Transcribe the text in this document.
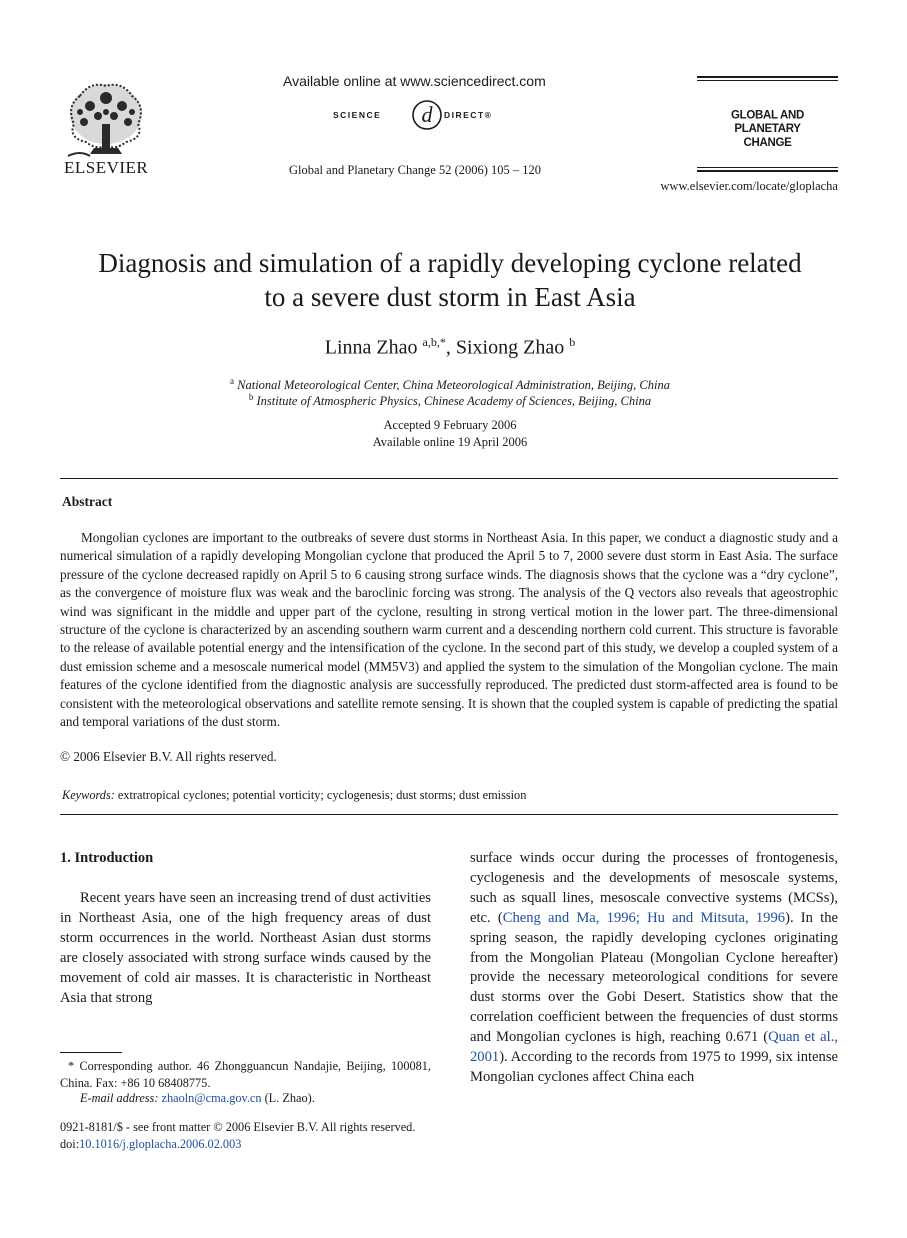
ELSEVIER
Available online at www.sciencedirect.com
SCIENCE d DIRECT®
Global and Planetary Change 52 (2006) 105 – 120
GLOBAL AND PLANETARY
CHANGE
www.elsevier.com/locate/gloplacha
Diagnosis and simulation of a rapidly developing cyclone related
to a severe dust storm in East Asia
Linna Zhao $^{a,b,*}$, Sixiong Zhao $^b$
$^a$ National Meteorological Center, China Meteorological Administration, Beijing, China
$^b$ Institute of Atmospheric Physics, Chinese Academy of Sciences, Beijing, China
Accepted 9 February 2006
Available online 19 April 2006
Abstract
Mongolian cyclones are important to the outbreaks of severe dust storms in Northeast Asia. In this paper, we conduct a diagnostic study and a numerical simulation of a rapidly developing Mongolian cyclone that produced the April 5 to 7, 2000 severe dust storm in East Asia. The surface pressure of the cyclone decreased rapidly on April 5 to 6 causing strong surface winds. The diagnosis shows that the cyclone was a “dry cyclone”, as the convergence of moisture flux was weak and the baroclinic forcing was strong. The analysis of the Q vectors also reveals that ageostrophic wind was significant in the middle and upper part of the cyclone, resulting in strong vertical motion in the lower part. The three-dimensional structure of the cyclone is characterized by an ascending southern warm current and a descending northern cold current. This structure is favorable to the release of available potential energy and the intensification of the cyclone. In the second part of this study, we develop a coupled system of a dust emission scheme and a mesoscale numerical model (MM5V3) and applied the system to the simulation of the Mongolian cyclone. The main features of the cyclone identified from the diagnostic analysis are successfully reproduced. The predicted dust storm-affected area is found to be consistent with the meteorological observations and satellite remote sensing. It is shown that the coupled system is capable of predicting the spatial and temporal variations of the dust storm.
© 2006 Elsevier B.V. All rights reserved.
Keywords: extratropical cyclones; potential vorticity; cyclogenesis; dust storms; dust emission
1. Introduction
Recent years have seen an increasing trend of dust activities in Northeast Asia, one of the high frequency areas of dust storm occurrences in the world. Northeast Asian dust storms are closely associated with strong surface winds caused by the movement of cold air masses. It is characteristic in Northeast Asia that strong
surface winds occur during the processes of frontogenesis, cyclogenesis and the developments of mesoscale systems, such as squall lines, mesoscale convective systems (MCSs), etc. (Cheng and Ma, 1996; Hu and Mitsuta, 1996). In the spring season, the rapidly developing cyclones originating from the Mongolian Plateau (Mongolian Cyclone hereafter) provide the necessary meteorological conditions for severe dust storms over the Gobi Desert. Statistics show that the correlation coefficient between the frequencies of dust storms and Mongolian cyclones is high, reaching 0.671 (Quan et al., 2001). According to the records from 1975 to 1999, six intense Mongolian cyclones affect China each
* Corresponding author. 46 Zhongguancun Nandajie, Beijing, 100081, China. Fax: +86 10 68408775.
E-mail address: zhaoln@cma.gov.cn (L. Zhao).
0921-8181/$ - see front matter © 2006 Elsevier B.V. All rights reserved.
doi:10.1016/j.gloplacha.2006.02.003
